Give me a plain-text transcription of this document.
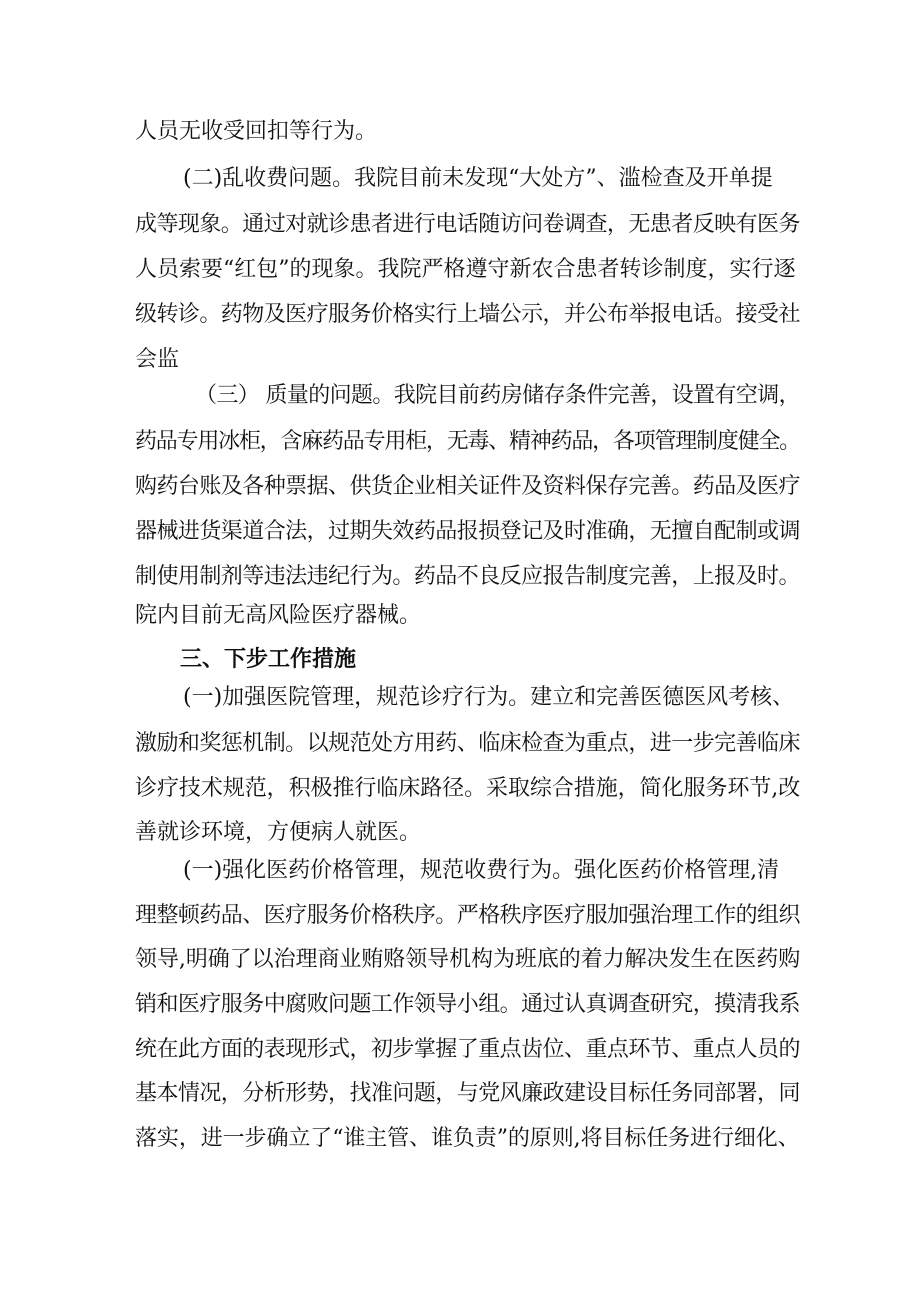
人员无收受回扣等行为。
(二)乱收费问题。我院目前未发现“大处方”、滥检查及开单提
成等现象。通过对就诊患者进行电话随访问卷调查，无患者反映有医务
人员索要“红包”的现象。我院严格遵守新农合患者转诊制度，实行逐
级转诊。药物及医疗服务价格实行上墙公示，并公布举报电话。接受社
会监
（三） 质量的问题。我院目前药房储存条件完善，设置有空调，
药品专用冰柜，含麻药品专用柜，无毒、精神药品，各项管理制度健全。
购药台账及各种票据、供货企业相关证件及资料保存完善。药品及医疗
器械进货渠道合法，过期失效药品报损登记及时准确，无擅自配制或调
制使用制剂等违法违纪行为。药品不良反应报告制度完善，上报及时。
院内目前无高风险医疗器械。
三、下步工作措施
(一)加强医院管理，规范诊疗行为。建立和完善医德医风考核、
激励和奖惩机制。以规范处方用药、临床检查为重点，进一步完善临床
诊疗技术规范，积极推行临床路径。采取综合措施，简化服务环节,改
善就诊环境，方便病人就医。
(一)强化医药价格管理，规范收费行为。强化医药价格管理,清
理整顿药品、医疗服务价格秩序。严格秩序医疗服加强治理工作的组织
领导,明确了以治理商业贿赂领导机构为班底的着力解决发生在医药购
销和医疗服务中腐败问题工作领导小组。通过认真调查研究，摸清我系
统在此方面的表现形式，初步掌握了重点齿位、重点环节、重点人员的
基本情况，分析形势，找准问题，与党风廉政建设目标任务同部署，同
落实，进一步确立了“谁主管、谁负责”的原则,将目标任务进行细化、
